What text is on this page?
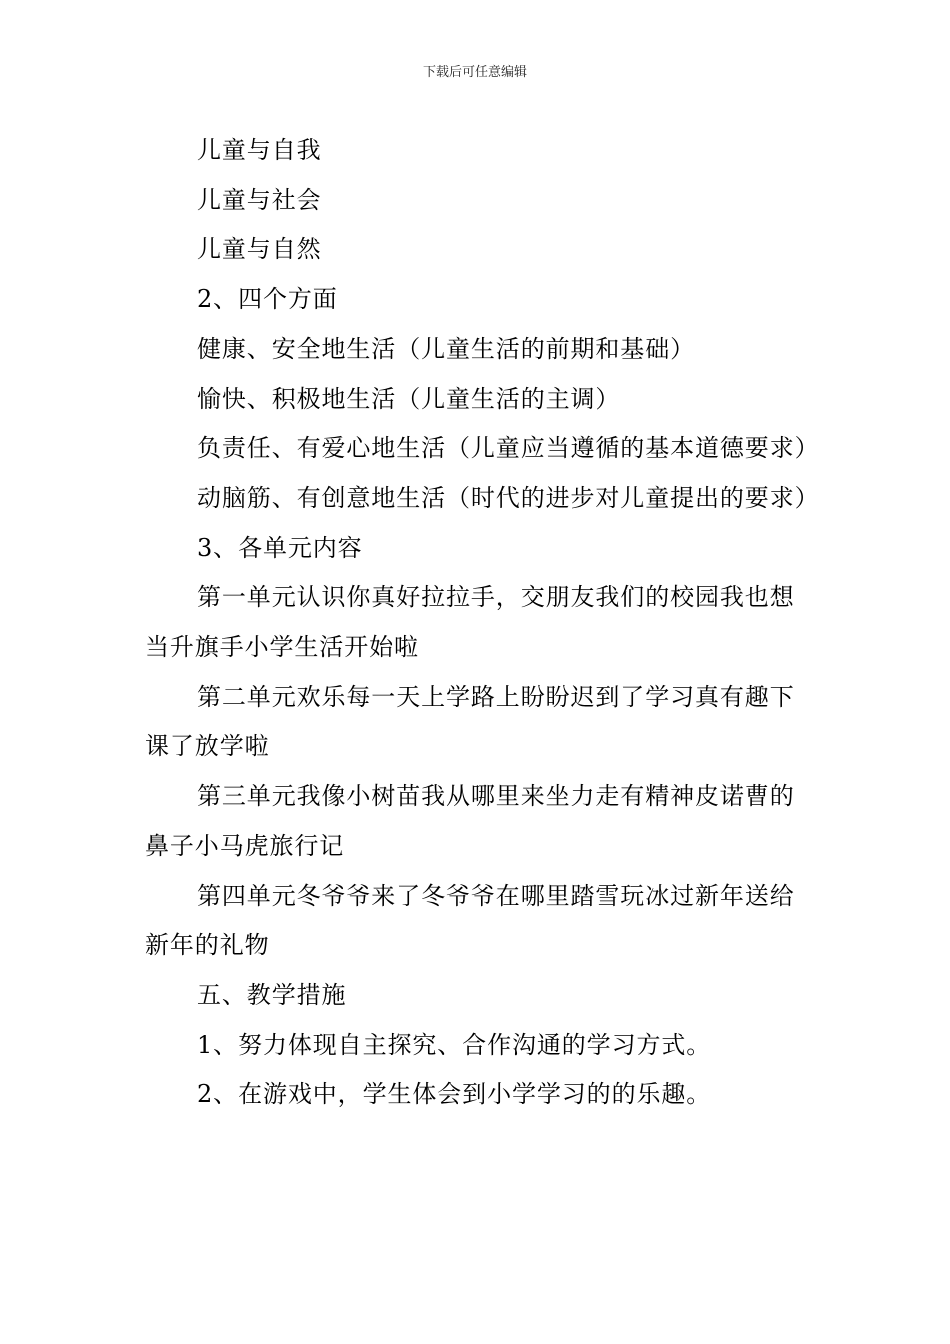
下载后可任意编辑

儿童与自我

儿童与社会

儿童与自然

2、四个方面

健康、安全地生活（儿童生活的前期和基础）

愉快、积极地生活（儿童生活的主调）

负责任、有爱心地生活（儿童应当遵循的基本道德要求）

动脑筋、有创意地生活（时代的进步对儿童提出的要求）

3、各单元内容

第一单元认识你真好拉拉手，交朋友我们的校园我也想当升旗手小学生活开始啦

第二单元欢乐每一天上学路上盼盼迟到了学习真有趣下课了放学啦

第三单元我像小树苗我从哪里来坐力走有精神皮诺曹的鼻子小马虎旅行记

第四单元冬爷爷来了冬爷爷在哪里踏雪玩冰过新年送给新年的礼物

五、教学措施

1、努力体现自主探究、合作沟通的学习方式。

2、在游戏中，学生体会到小学学习的的乐趣。
